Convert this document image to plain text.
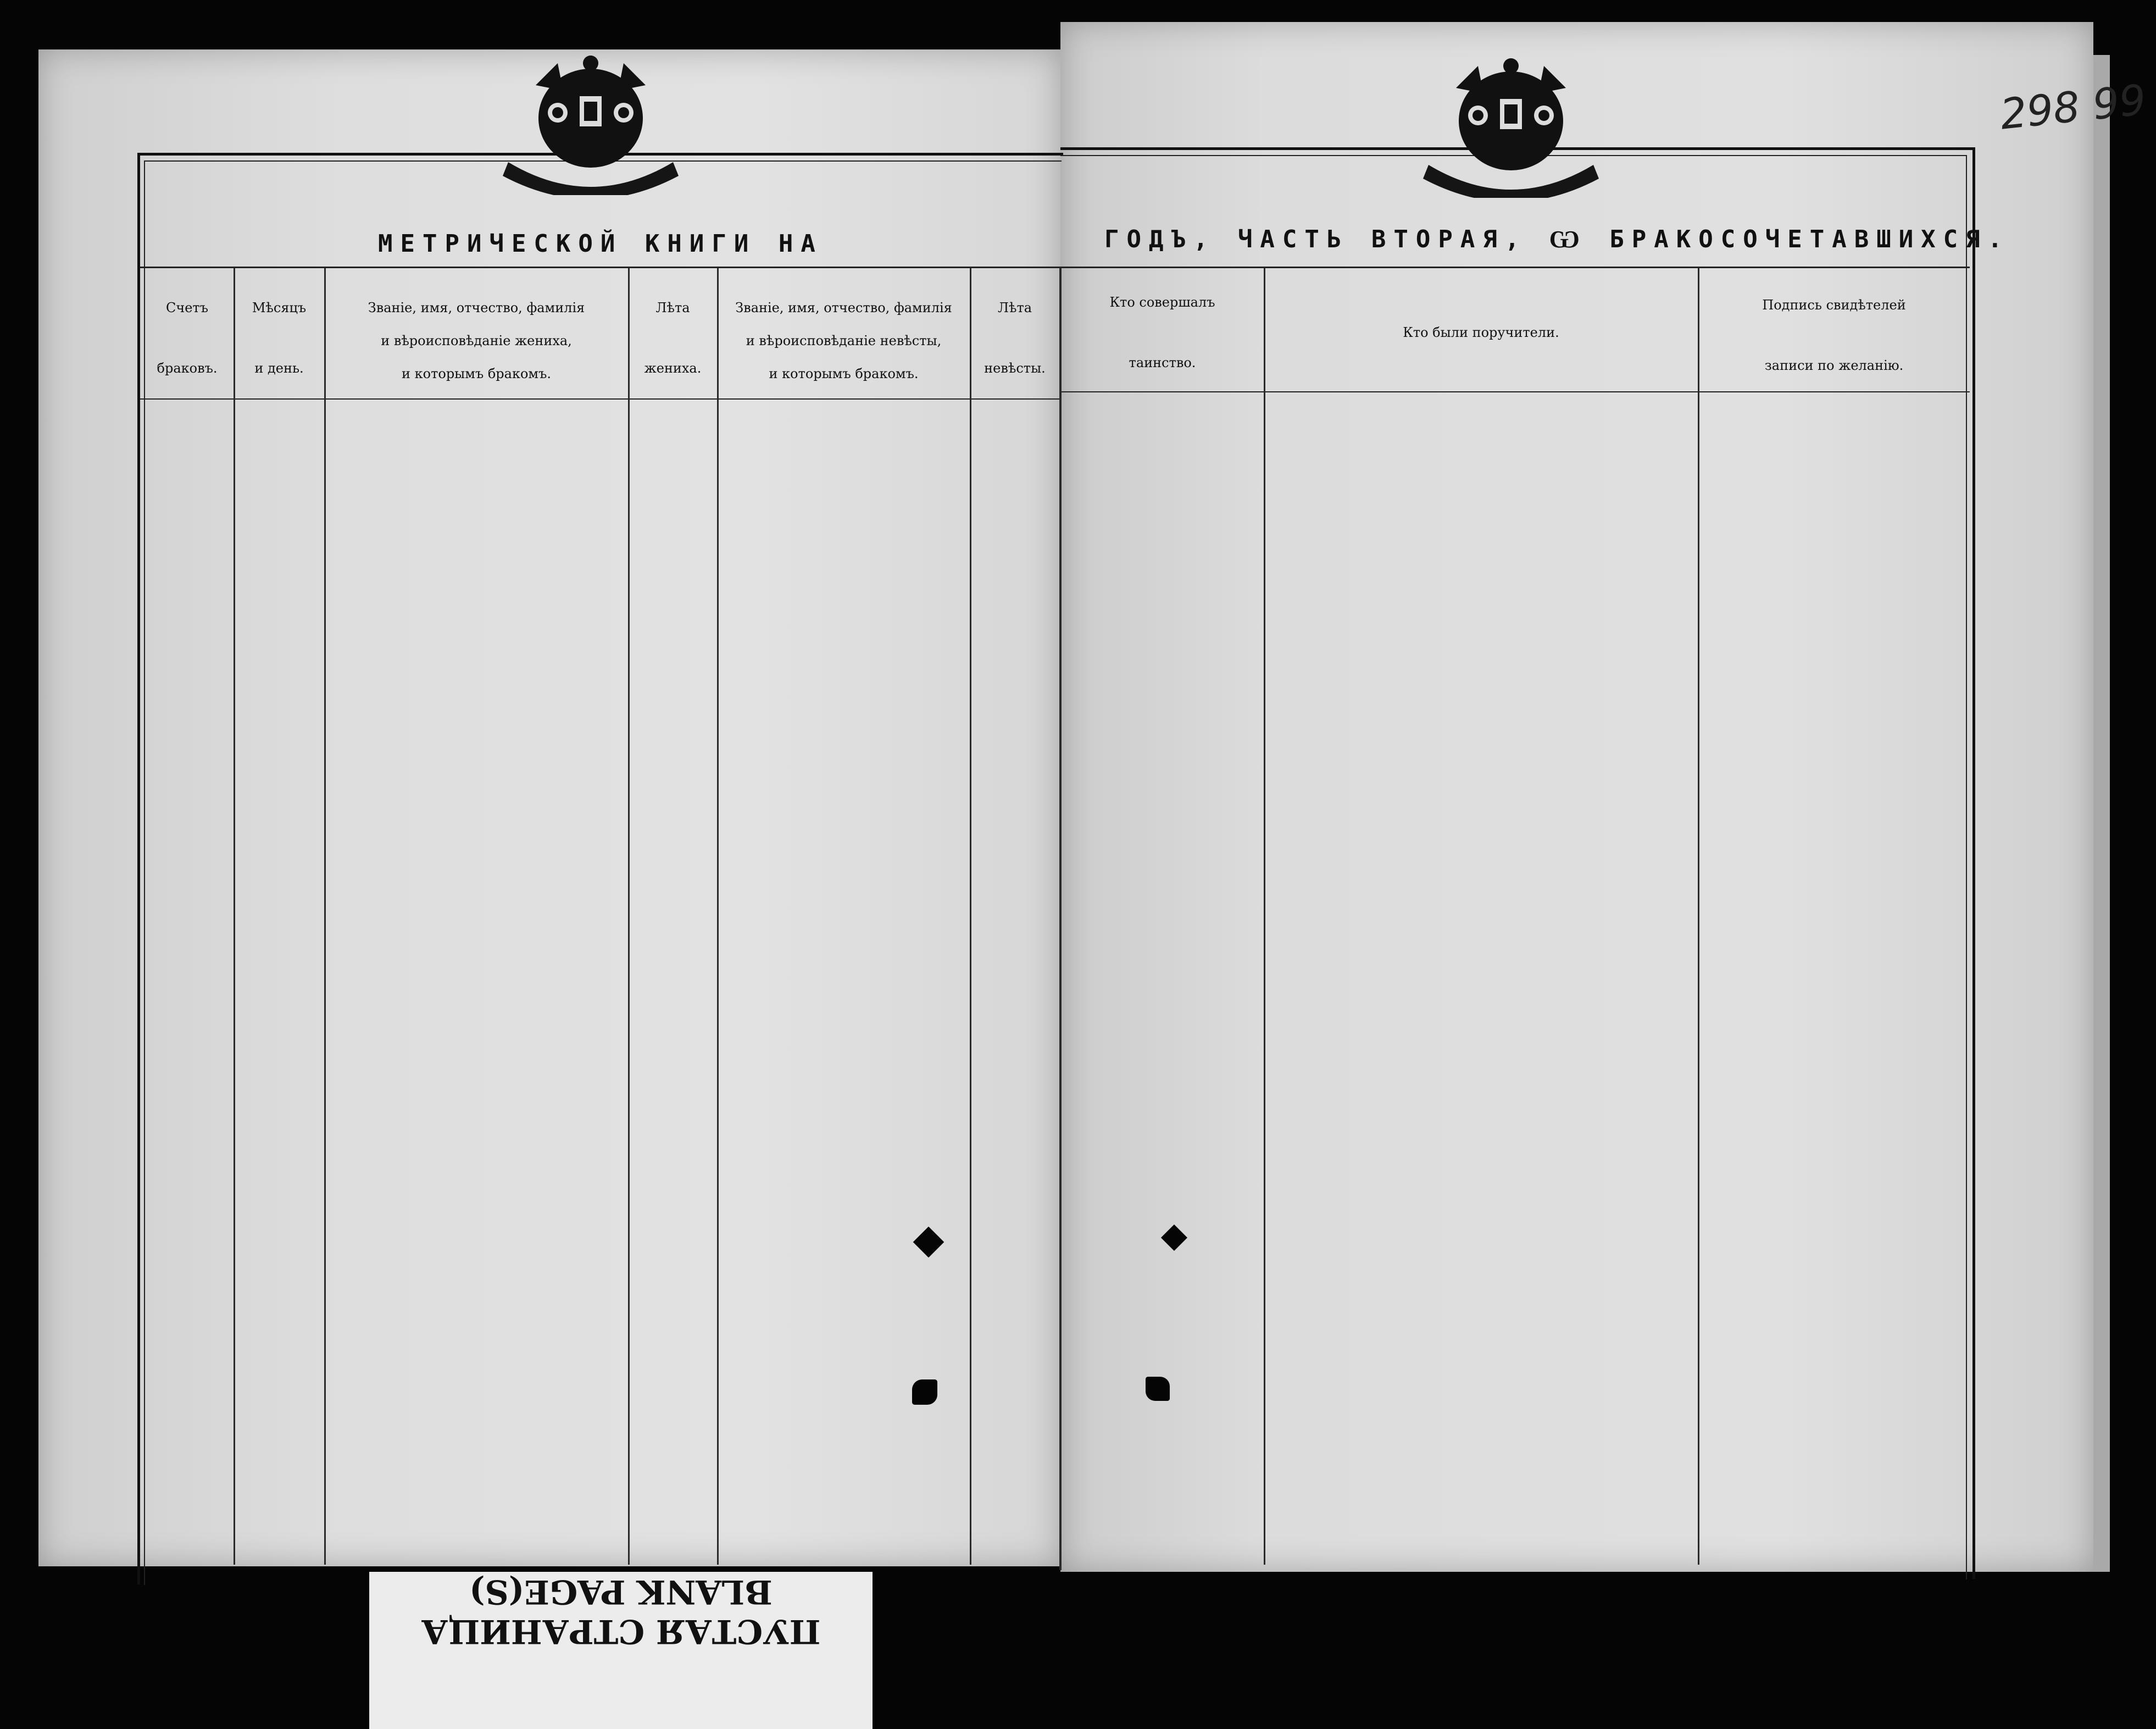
МЕТРИЧЕСКОЙ КНИГИ НА	ГОДЪ, ЧАСТЬ ВТОРАЯ, Ѡ БРАКОСОЧЕТАВШИХСЯ.
298 99
Счетъ
браковъ.
Мѣсяцъ
и день.
Званіе, имя, отчество, фамилія
и вѣроисповѣданіе жениха,
и которымъ бракомъ.
Лѣта
жениха.
Званіе, имя, отчество, фамилія
и вѣроисповѣданіе невѣсты,
и которымъ бракомъ.
Лѣта
невѣсты.
Кто совершалъ
таинство.
Кто были поручители.
Подпись свидѣтелей
записи по желанію.
ПУСТАЯ СТРАНИЦА
BLANK PAGE(S)
